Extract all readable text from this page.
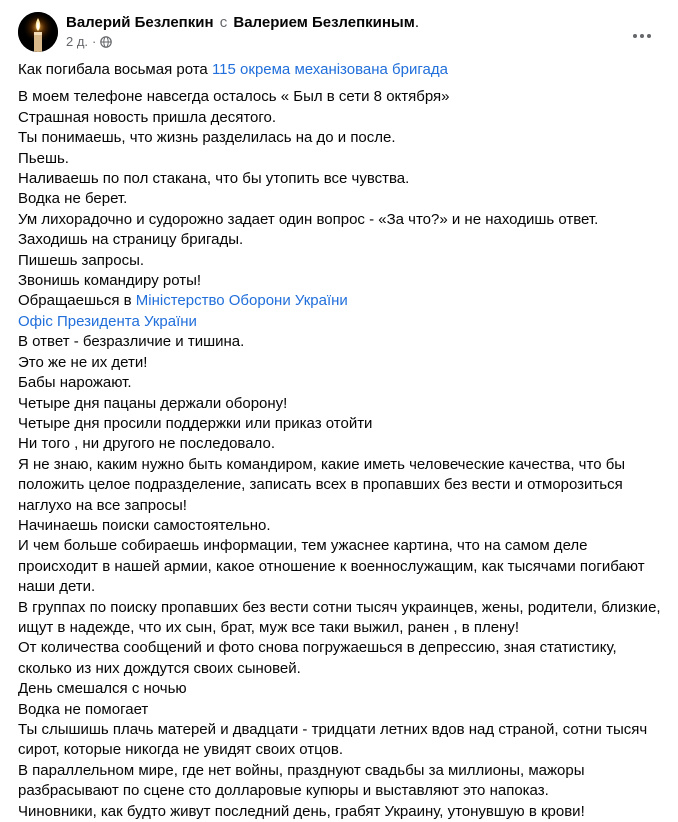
Валерий Безлепкин с Валерием Безлепкиным.
2 д. ·
Как погибала восьмая рота 115 окрема механізована бригада
В моем телефоне навсегда осталось « Был в сети 8 октября»
Страшная новость пришла десятого.
Ты понимаешь, что жизнь разделилась на до и после.
Пьешь.
Наливаешь по пол стакана, что бы утопить все чувства.
Водка не берет.
Ум лихорадочно и судорожно задает один вопрос - «За что?» и не находишь ответ.
Заходишь на страницу бригады.
Пишешь запросы.
Звонишь командиру роты!
Обращаешься в Міністерство Оборони України
Офіс Президента України
В ответ - безразличие и тишина.
Это же не их дети!
Бабы нарожают.
Четыре дня пацаны держали оборону!
Четыре дня просили поддержки или приказ отойти
Ни того , ни другого не последовало.
Я не знаю, каким нужно быть командиром, какие иметь человеческие качества, что бы
положить целое подразделение, записать всех в пропавших без вести и отморозиться
наглухо на все запросы!
Начинаешь поиски самостоятельно.
И чем больше собираешь информации, тем ужаснее картина, что на самом деле
происходит в нашей армии, какое отношение к военнослужащим, как тысячами погибают
наши дети.
В группах по поиску пропавших без вести сотни тысяч украинцев, жены, родители, близкие,
ищут в надежде, что их сын, брат, муж все таки выжил, ранен , в плену!
От количества сообщений и фото снова погружаешься в депрессию, зная статистику,
сколько из них дождутся своих сыновей.
День смешался с ночью
Водка не помогает
Ты слышишь плачь матерей и двадцати - тридцати летних вдов над страной, сотни тысяч
сирот, которые никогда не увидят своих отцов.
В параллельном мире, где нет войны, празднуют свадьбы за миллионы, мажоры
разбрасывают по сцене сто долларовые купюры и выставляют это напоказ.
Чиновники, как будто живут последний день, грабят Украину, утонувшую в крови!
